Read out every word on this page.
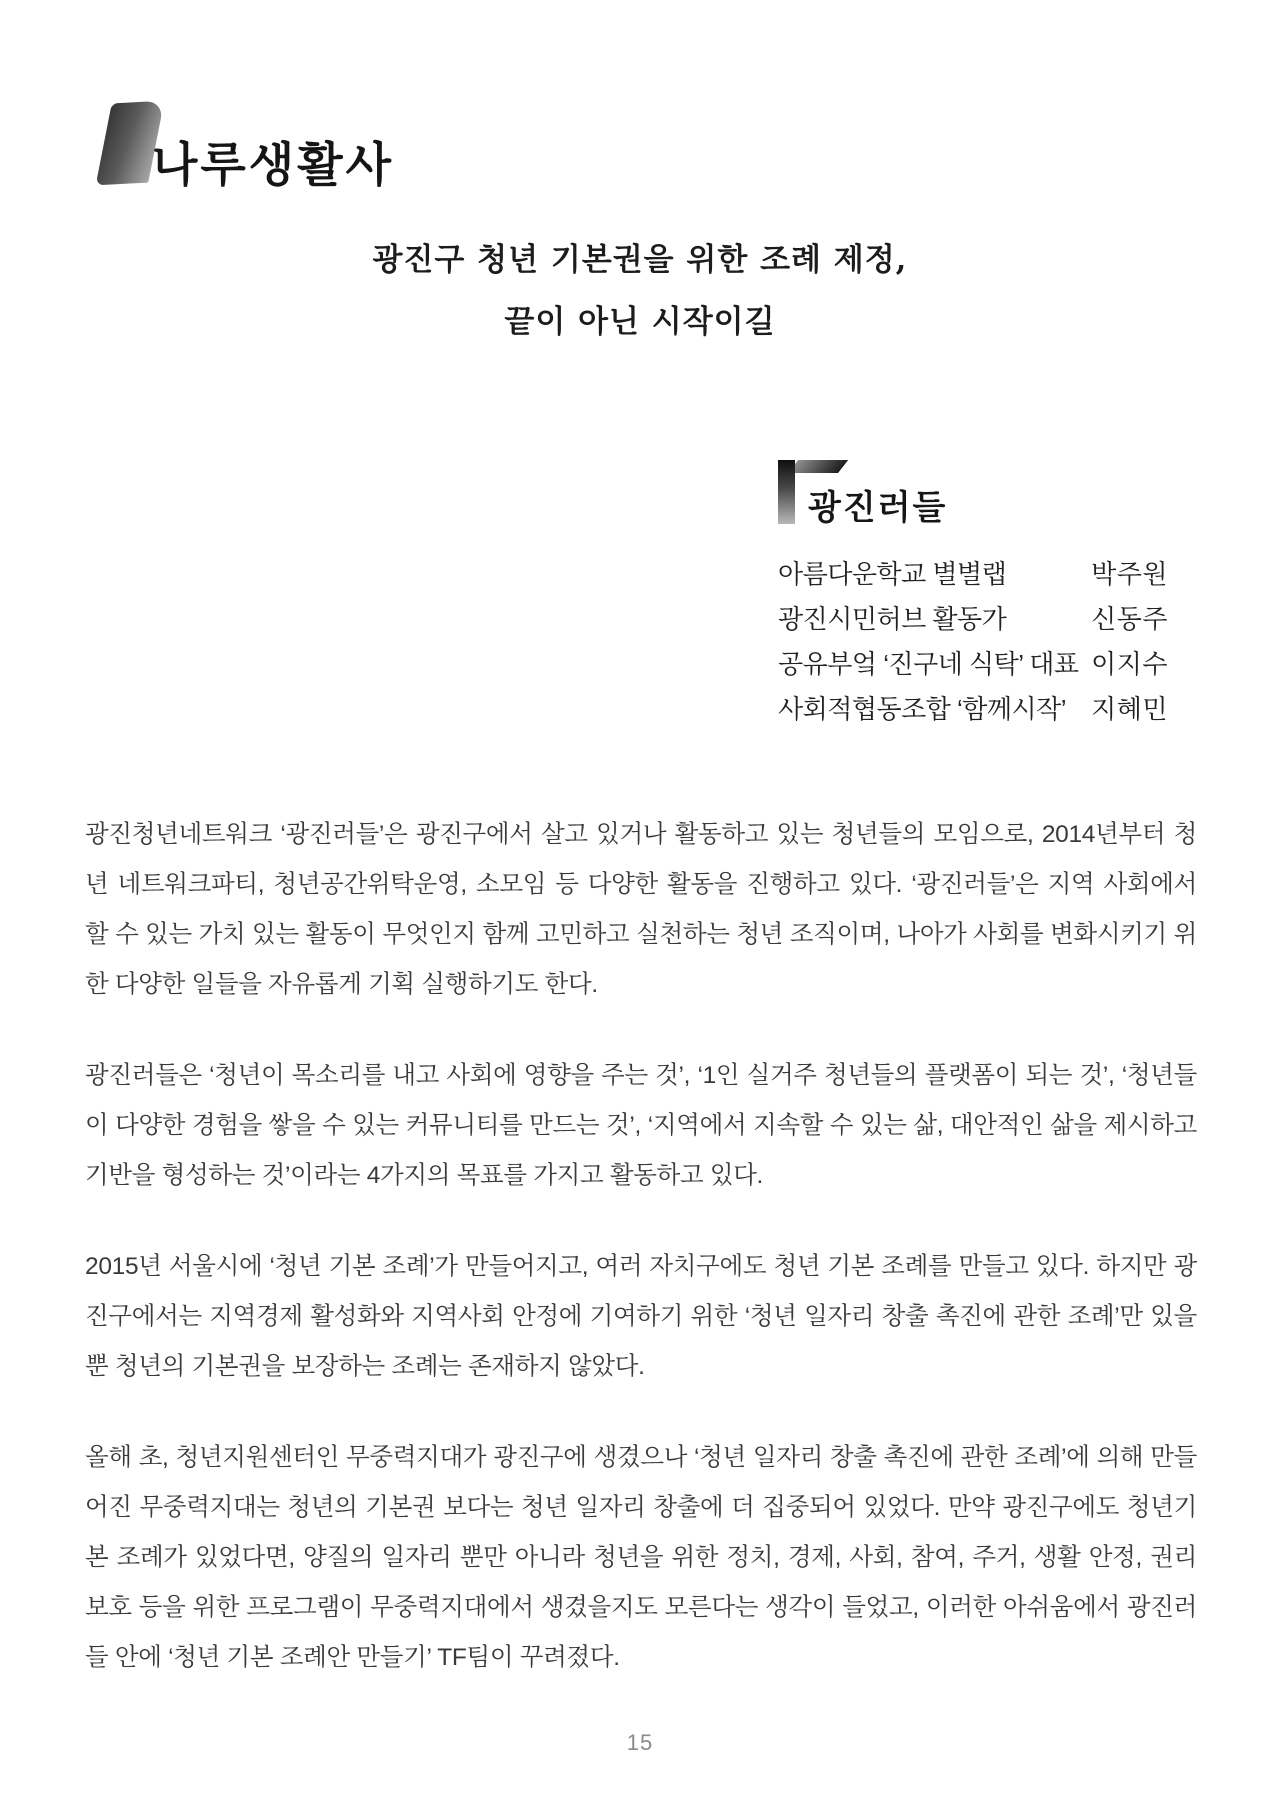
나루생활사
광진구 청년 기본권을 위한 조례 제정,
끝이 아닌 시작이길
광진러들
아름다운학교 별별랩	박주원
광진시민허브 활동가	신동주
공유부엌 ‘진구네 식탁’ 대표 이지수
사회적협동조합 ‘함께시작’ 지혜민

광진청년네트워크 ‘광진러들’은 광진구에서 살고 있거나 활동하고 있는 청년들의 모임으로, 2014년부터 청년 네트워크파티, 청년공간위탁운영, 소모임 등 다양한 활동을 진행하고 있다. ‘광진러들’은 지역 사회에서 할 수 있는 가치 있는 활동이 무엇인지 함께 고민하고 실천하는 청년 조직이며, 나아가 사회를 변화시키기 위한 다양한 일들을 자유롭게 기획 실행하기도 한다.

광진러들은 ‘청년이 목소리를 내고 사회에 영향을 주는 것’, ‘1인 실거주 청년들의 플랫폼이 되는 것’, ‘청년들이 다양한 경험을 쌓을 수 있는 커뮤니티를 만드는 것’, ‘지역에서 지속할 수 있는 삶, 대안적인 삶을 제시하고 기반을 형성하는 것’이라는 4가지의 목표를 가지고 활동하고 있다.

2015년 서울시에 ‘청년 기본 조례’가 만들어지고, 여러 자치구에도 청년 기본 조례를 만들고 있다. 하지만 광진구에서는 지역경제 활성화와 지역사회 안정에 기여하기 위한 ‘청년 일자리 창출 촉진에 관한 조례’만 있을 뿐 청년의 기본권을 보장하는 조례는 존재하지 않았다.

올해 초, 청년지원센터인 무중력지대가 광진구에 생겼으나 ‘청년 일자리 창출 촉진에 관한 조례’에 의해 만들어진 무중력지대는 청년의 기본권 보다는 청년 일자리 창출에 더 집중되어 있었다. 만약 광진구에도 청년기본 조례가 있었다면, 양질의 일자리 뿐만 아니라 청년을 위한 정치, 경제, 사회, 참여, 주거, 생활 안정, 권리 보호 등을 위한 프로그램이 무중력지대에서 생겼을지도 모른다는 생각이 들었고, 이러한 아쉬움에서 광진러들 안에 ‘청년 기본 조례안 만들기’ TF팀이 꾸려졌다.

15
